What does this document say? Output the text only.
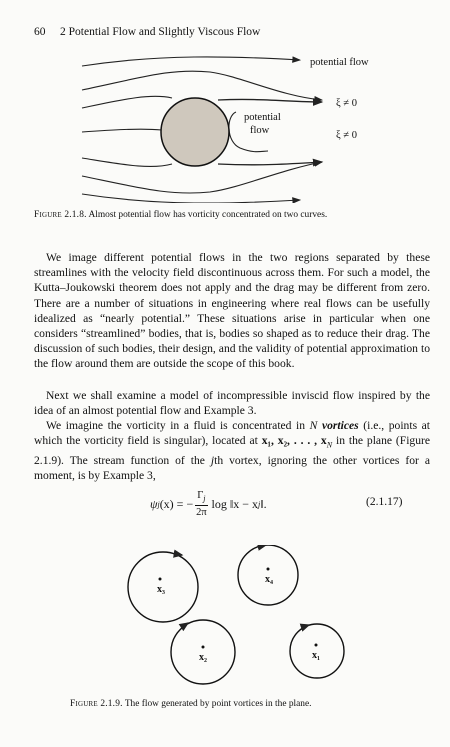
60 2 Potential Flow and Slightly Viscous Flow
potential flow
potential
flow
ξ ≠ 0
ξ ≠ 0
Figure 2.1.8. Almost potential flow has vorticity concentrated on two curves.

We image different potential flows in the two regions separated by these streamlines with the velocity field discontinuous across them. For such a model, the Kutta–Joukowski theorem does not apply and the drag may be different from zero. There are a number of situations in engineering where real flows can be usefully idealized as “nearly potential.” These situations arise in particular when one considers “streamlined” bodies, that is, bodies so shaped as to reduce their drag. The discussion of such bodies, their design, and the validity of potential approximation to the flow around them are outside the scope of this book.

Next we shall examine a model of incompressible inviscid flow inspired by the idea of an almost potential flow and Example 3.

We imagine the vorticity in a fluid is concentrated in N vortices (i.e., points at which the vorticity field is singular), located at x₁, x₂, . . . , $x_N$ in the plane (Figure 2.1.9). The stream function of the jth vortex, ignoring the other vortices for a moment, is by Example 3,

ψ j (x) = − $\frac{\Gamma_j}{2\pi}$ log ‖x − x j ‖.	(2.1.17)
x₃
x₄
x₂	x₁
Figure 2.1.9. The flow generated by point vortices in the plane.
